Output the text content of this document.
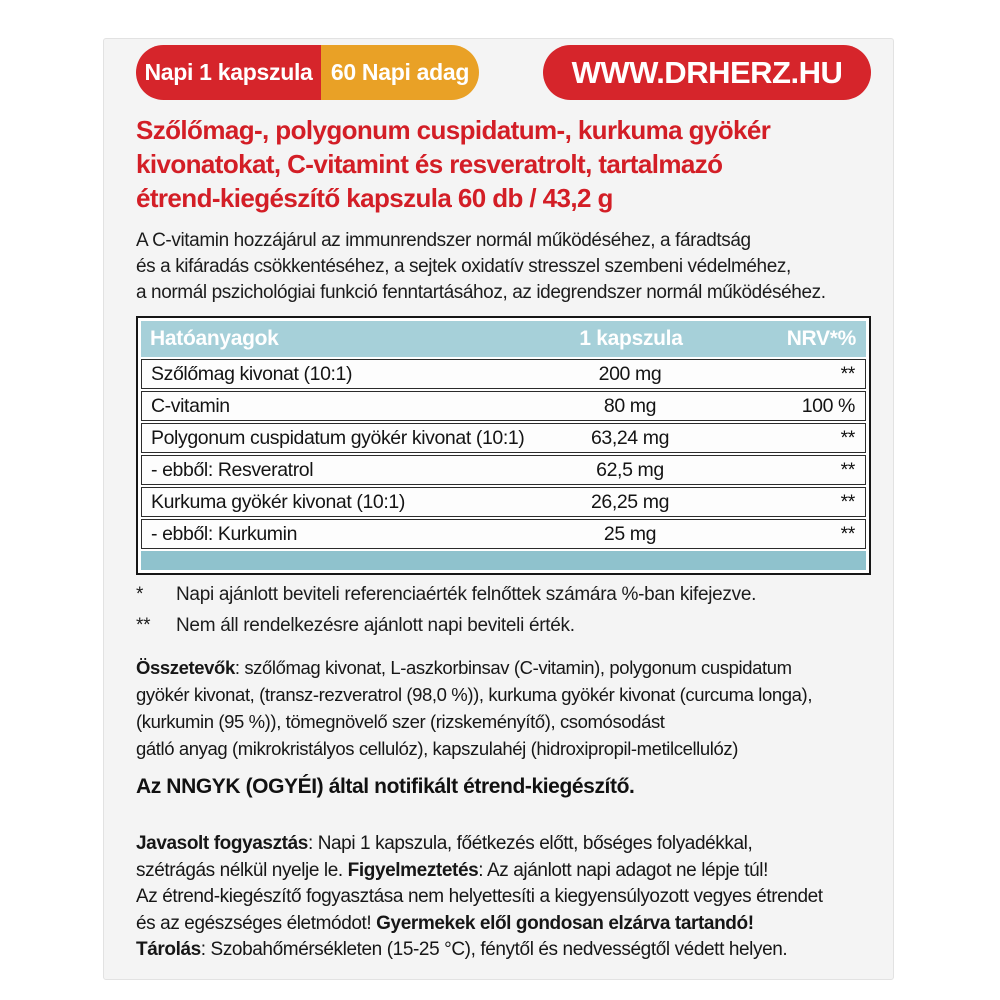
Napi 1 kapszula 60 Napi adag	WWW.DRHERZ.HU
Szőlőmag-, polygonum cuspidatum-, kurkuma gyökér
kivonatokat, C-vitamint és resveratrolt, tartalmazó
étrend-kiegészítő kapszula 60 db / 43,2 g
A C-vitamin hozzájárul az immunrendszer normál működéséhez, a fáradtság
és a kifáradás csökkentéséhez, a sejtek oxidatív stresszel szembeni védelméhez,
a normál pszichológiai funkció fenntartásához, az idegrendszer normál működéséhez.
Hatóanyagok	1 kapszula	NRV*%
Szőlőmag kivonat (10:1)	200 mg	**
C-vitamin	80 mg	100 %
Polygonum cuspidatum gyökér kivonat (10:1)	63,24 mg	**
- ebből: Resveratrol	62,5 mg	**
Kurkuma gyökér kivonat (10:1)	26,25 mg	**
- ebből: Kurkumin	25 mg	**
*	Napi ajánlott beviteli referenciaérték felnőttek számára %-ban kifejezve.
**	Nem áll rendelkezésre ajánlott napi beviteli érték.
Összetevők: szőlőmag kivonat, L-aszkorbinsav (C-vitamin), polygonum cuspidatum
gyökér kivonat, (transz-rezveratrol (98,0 %)), kurkuma gyökér kivonat (curcuma longa),
(kurkumin (95 %)), tömegnövelő szer (rizskeményítő), csomósodást
gátló anyag (mikrokristályos cellulóz), kapszulahéj (hidroxipropil-metilcellulóz)
Az NNGYK (OGYÉI) által notifikált étrend-kiegészítő.
Javasolt fogyasztás: Napi 1 kapszula, főétkezés előtt, bőséges folyadékkal,
szétrágás nélkül nyelje le. Figyelmeztetés: Az ajánlott napi adagot ne lépje túl!
Az étrend-kiegészítő fogyasztása nem helyettesíti a kiegyensúlyozott vegyes étrendet
és az egészséges életmódot! Gyermekek elől gondosan elzárva tartandó!
Tárolás: Szobahőmérsékleten (15-25 °C), fénytől és nedvességtől védett helyen.
